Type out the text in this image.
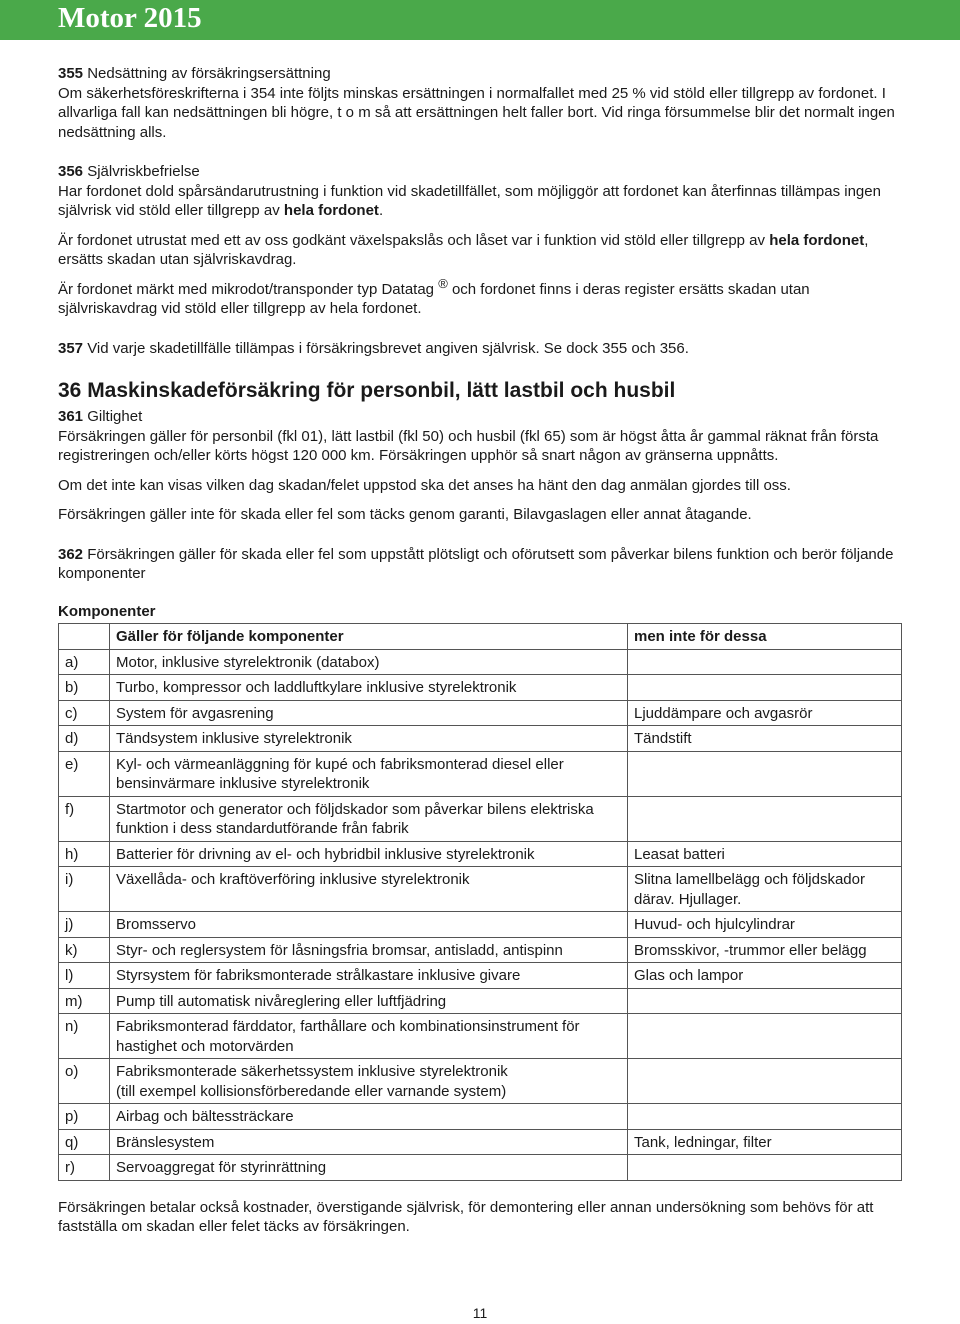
Motor 2015

355 Nedsättning av försäkringsersättning

Om säkerhetsföreskrifterna i 354 inte följts minskas ersättningen i normalfallet med 25 % vid stöld eller tillgrepp av fordonet. I allvarliga fall kan nedsättningen bli högre, t o m så att ersättningen helt faller bort. Vid ringa försummelse blir det normalt ingen nedsättning alls.

356 Självriskbefrielse

Har fordonet dold spårsändarutrustning i funktion vid skadetillfället, som möjliggör att fordonet kan återfinnas tillämpas ingen självrisk vid stöld eller tillgrepp av hela fordonet.

Är fordonet utrustat med ett av oss godkänt växelspakslås och låset var i funktion vid stöld eller tillgrepp av hela fordonet, ersätts skadan utan självriskavdrag.

Är fordonet märkt med mikrodot/transponder typ Datatag ® och fordonet finns i deras register ersätts skadan utan självriskavdrag vid stöld eller tillgrepp av hela fordonet.

357 Vid varje skadetillfälle tillämpas i försäkringsbrevet angiven självrisk. Se dock 355 och 356.

36 Maskinskadeförsäkring för personbil, lätt lastbil och husbil

361 Giltighet

Försäkringen gäller för personbil (fkl 01), lätt lastbil (fkl 50) och husbil (fkl 65) som är högst åtta år gammal räknat från första registreringen och/eller körts högst 120 000 km. Försäkringen upphör så snart någon av gränserna uppnåtts.

Om det inte kan visas vilken dag skadan/felet uppstod ska det anses ha hänt den dag anmälan gjordes till oss.

Försäkringen gäller inte för skada eller fel som täcks genom garanti, Bilavgaslagen eller annat åtagande.

362 Försäkringen gäller för skada eller fel som uppstått plötsligt och oförutsett som påverkar bilens funktion och berör följande komponenter

Komponenter
	Gäller för följande komponenter	men inte för dessa
a)	Motor, inklusive styrelektronik (databox)	
b)	Turbo, kompressor och laddluftkylare inklusive styrelektronik	
c)	System för avgasrening	Ljuddämpare och avgasrör
d)	Tändsystem inklusive styrelektronik	Tändstift
e)	Kyl- och värmeanläggning för kupé och fabriksmonterad diesel eller bensinvärmare inklusive styrelektronik	
f)	Startmotor och generator och följdskador som påverkar bilens elektriska funktion i dess standardutförande från fabrik	
h)	Batterier för drivning av el- och hybridbil inklusive styrelektronik	Leasat batteri
i)	Växellåda- och kraftöverföring inklusive styrelektronik	Slitna lamellbelägg och följdskador därav. Hjullager.
j)	Bromsservo	Huvud- och hjulcylindrar
k)	Styr- och reglersystem för låsningsfria bromsar, antisladd, antispinn	Bromsskivor, -trummor eller belägg
l)	Styrsystem för fabriksmonterade strålkastare inklusive givare	Glas och lampor
m)	Pump till automatisk nivåreglering eller luftfjädring	
n)	Fabriksmonterad färddator, farthållare och kombinationsinstrument för hastighet och motorvärden	
o)	Fabriksmonterade säkerhetssystem inklusive styrelektronik
(till exempel kollisionsförberedande eller varnande system)	
p)	Airbag och bältessträckare	
q)	Bränslesystem	Tank, ledningar, filter
r)	Servoaggregat för styrinrättning	

Försäkringen betalar också kostnader, överstigande självrisk, för demontering eller annan undersökning som behövs för att fastställa om skadan eller felet täcks av försäkringen.

11
